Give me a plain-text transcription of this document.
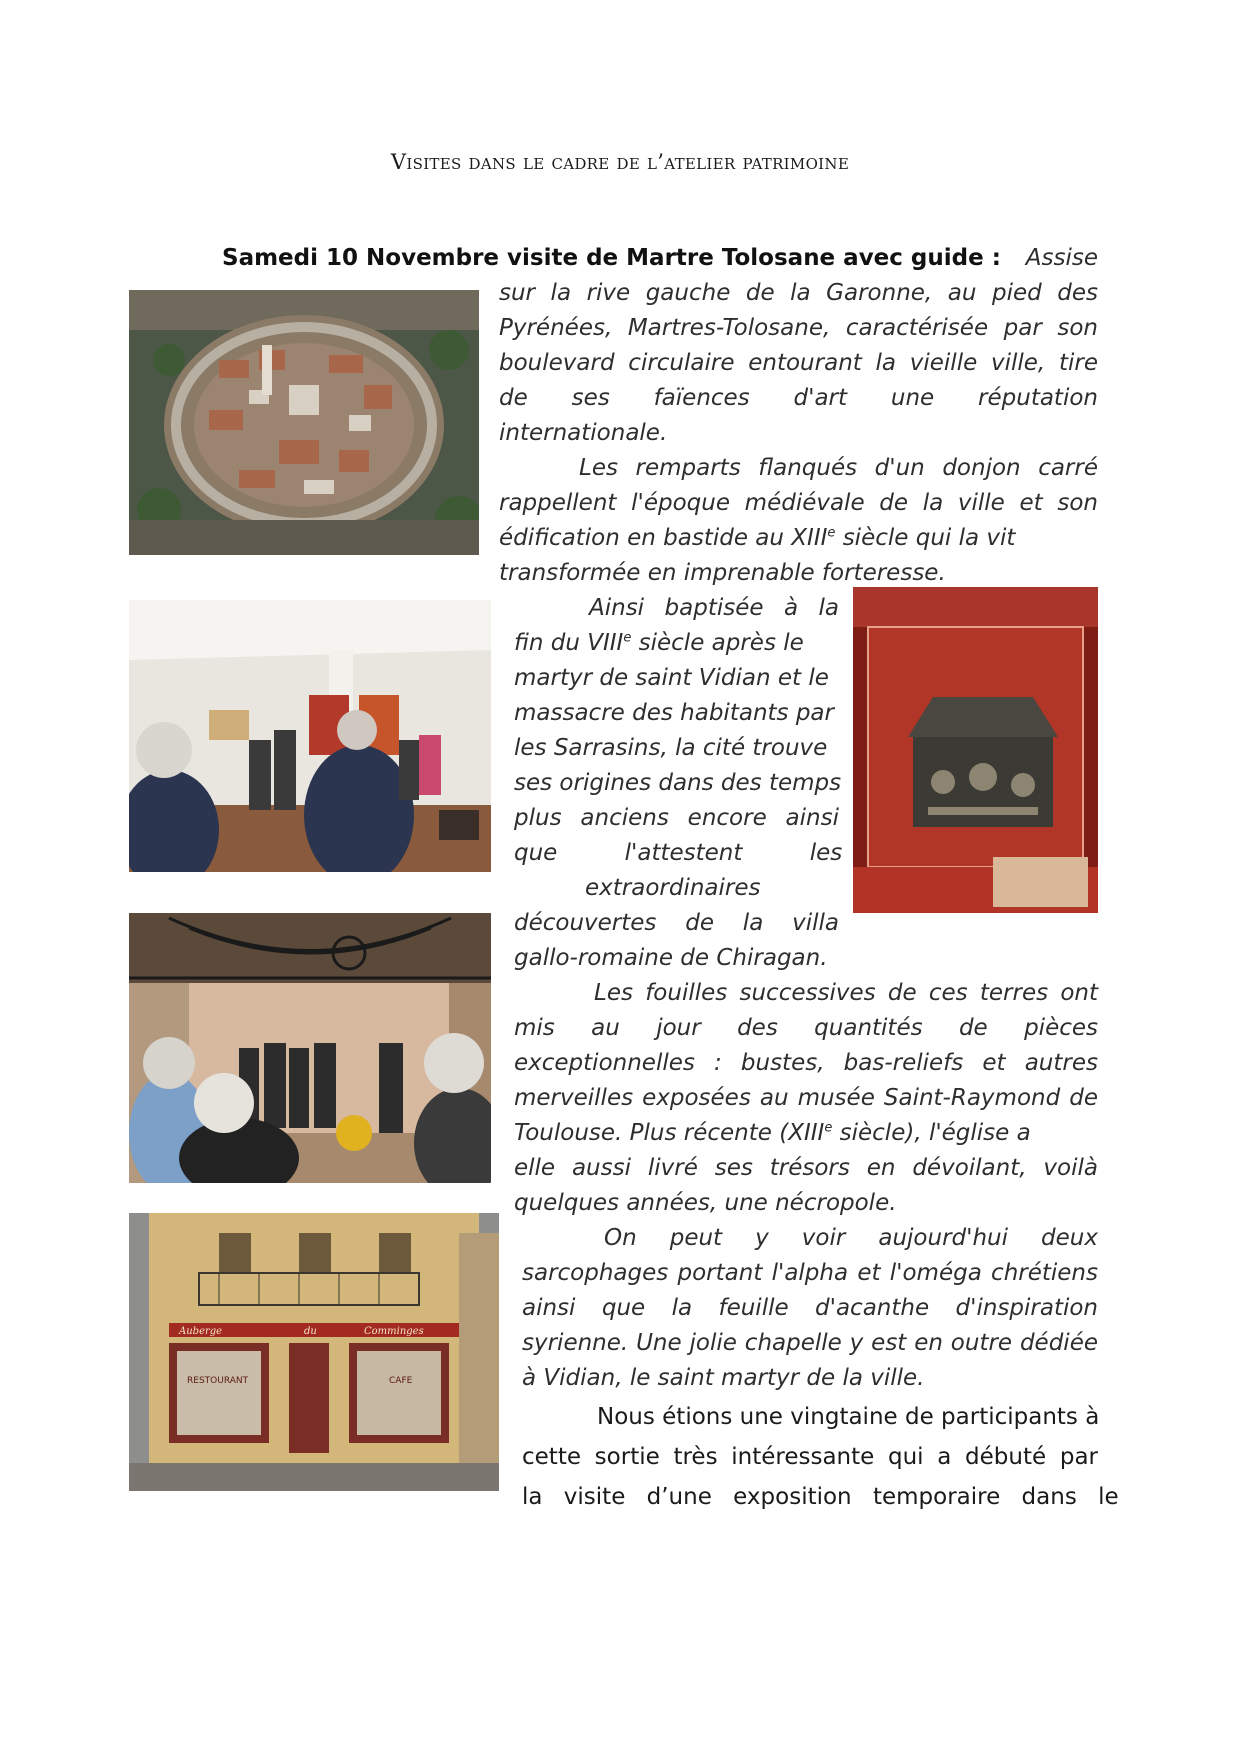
Visites dans le cadre de l’atelier patrimoine
Samedi 10 Novembre visite de Martre Tolosane avec guide : Assise
sur la rive gauche de la Garonne, au pied des
Pyrénées, Martres-Tolosane, caractérisée par son
boulevard circulaire entourant la vieille ville, tire
de ses faïences d'art une réputation
internationale.
Les remparts flanqués d'un donjon carré
rappellent l'époque médiévale de la ville et son
édification en bastide au XIIIe siècle qui la vit
transformée en imprenable forteresse.
Ainsi baptisée à la
fin du VIIIe siècle après le
martyr de saint Vidian et le
massacre des habitants par
les Sarrasins, la cité trouve
ses origines dans des temps
plus anciens encore ainsi
que l'attestent les
extraordinaires
découvertes de la villa
gallo-romaine de Chiragan.
Les fouilles successives de ces terres ont
mis au jour des quantités de pièces
exceptionnelles : bustes, bas-reliefs et autres
merveilles exposées au musée Saint-Raymond de
Toulouse. Plus récente (XIIIe siècle), l'église a
elle aussi livré ses trésors en dévoilant, voilà
quelques années, une nécropole.
On peut y voir aujourd'hui deux
sarcophages portant l'alpha et l'oméga chrétiens
ainsi que la feuille d'acanthe d'inspiration
syrienne. Une jolie chapelle y est en outre dédiée
à Vidian, le saint martyr de la ville.
Nous étions une vingtaine de participants à
cette sortie très intéressante qui a débuté par
la visite d’une exposition temporaire dans le
Auberge	du	Comminges
RESTOURANT	CAFE
